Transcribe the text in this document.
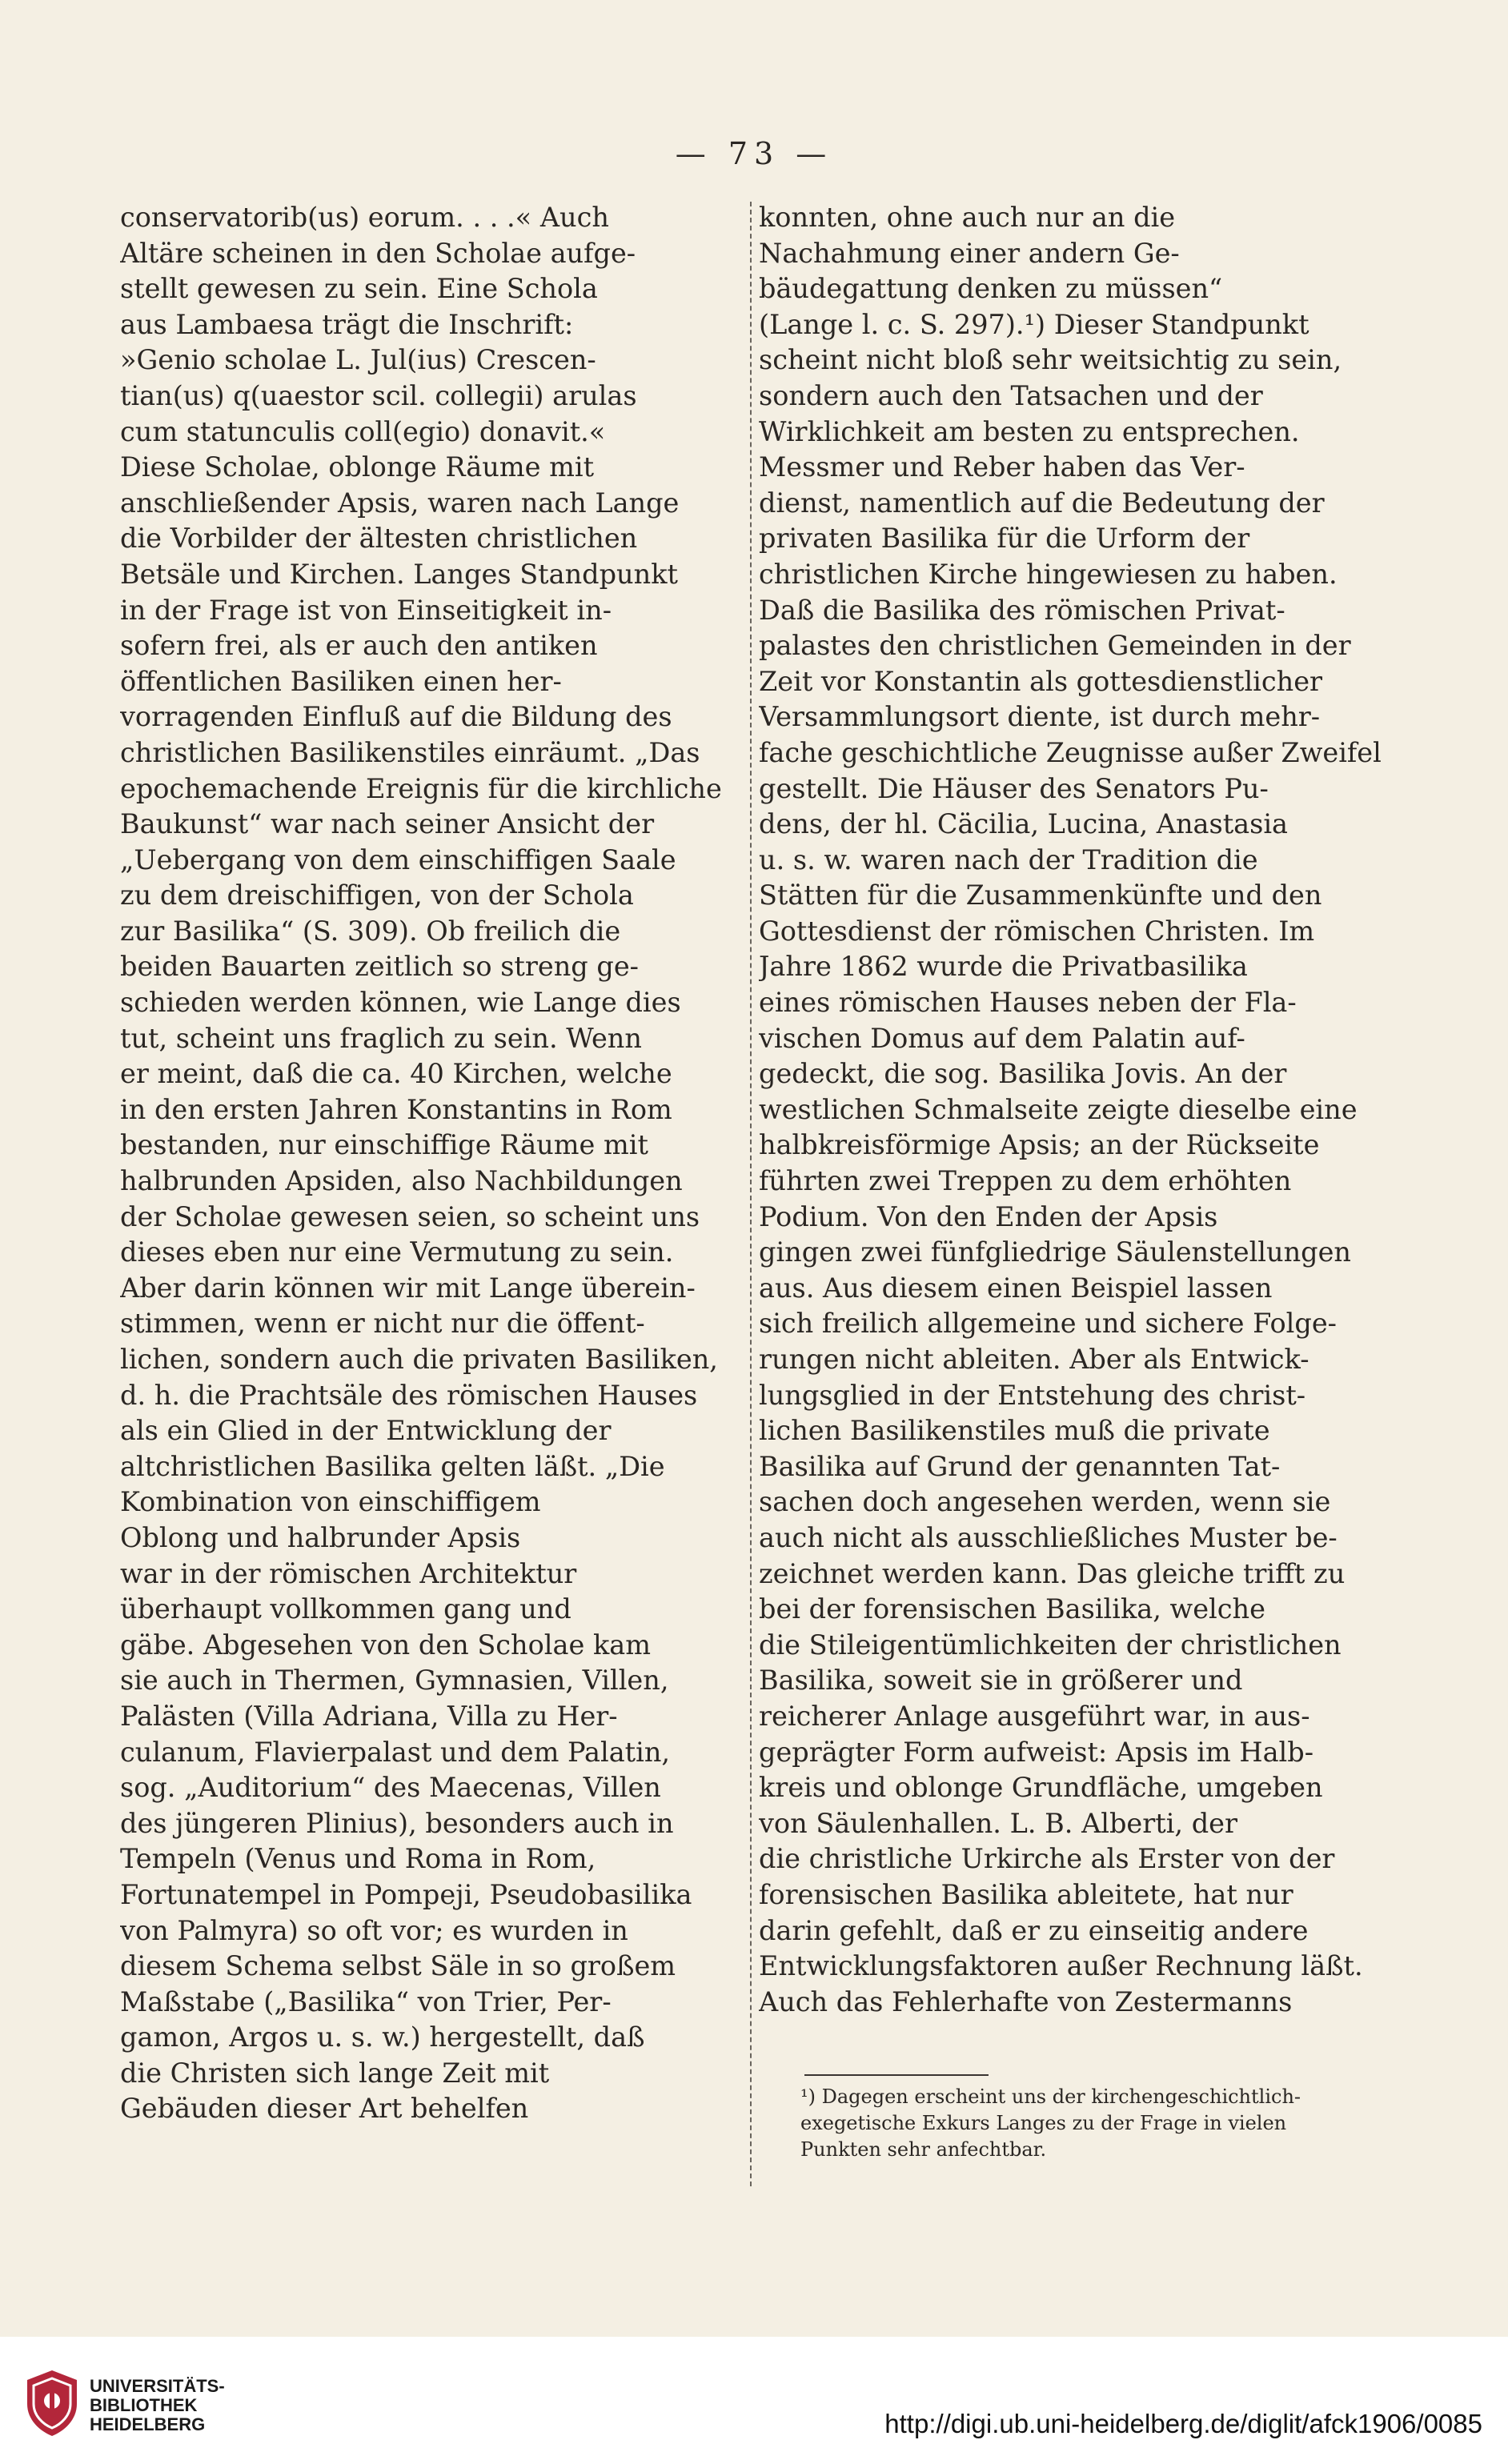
— 73 —
conservatorib(us) eorum. . . .« Auch
Altäre scheinen in den Scholae aufge-
stellt gewesen zu sein. Eine Schola
aus Lambaesa trägt die Inschrift:
»Genio scholae L. Jul(ius) Crescen-
tian(us) q(uaestor scil. collegii) arulas
cum statunculis coll(egio) donavit.«
Diese Scholae, oblonge Räume mit
anschließender Apsis, waren nach Lange
die Vorbilder der ältesten christlichen
Betsäle und Kirchen. Langes Standpunkt
in der Frage ist von Einseitigkeit in-
sofern frei, als er auch den antiken
öffentlichen Basiliken einen her-
vorragenden Einfluß auf die Bildung des
christlichen Basilikenstiles einräumt. „Das
epochemachende Ereignis für die kirchliche
Baukunst“ war nach seiner Ansicht der
„Uebergang von dem einschiffigen Saale
zu dem dreischiffigen, von der Schola
zur Basilika“ (S. 309). Ob freilich die
beiden Bauarten zeitlich so streng ge-
schieden werden können, wie Lange dies
tut, scheint uns fraglich zu sein. Wenn
er meint, daß die ca. 40 Kirchen, welche
in den ersten Jahren Konstantins in Rom
bestanden, nur einschiffige Räume mit
halbrunden Apsiden, also Nachbildungen
der Scholae gewesen seien, so scheint uns
dieses eben nur eine Vermutung zu sein.
Aber darin können wir mit Lange überein-
stimmen, wenn er nicht nur die öffent-
lichen, sondern auch die privaten Basiliken,
d. h. die Prachtsäle des römischen Hauses
als ein Glied in der Entwicklung der
altchristlichen Basilika gelten läßt. „Die
Kombination von einschiffigem
Oblong und halbrunder Apsis
war in der römischen Architektur
überhaupt vollkommen gang und
gäbe. Abgesehen von den Scholae kam
sie auch in Thermen, Gymnasien, Villen,
Palästen (Villa Adriana, Villa zu Her-
culanum, Flavierpalast und dem Palatin,
sog. „Auditorium“ des Maecenas, Villen
des jüngeren Plinius), besonders auch in
Tempeln (Venus und Roma in Rom,
Fortunatempel in Pompeji, Pseudobasilika
von Palmyra) so oft vor; es wurden in
diesem Schema selbst Säle in so großem
Maßstabe („Basilika“ von Trier, Per-
gamon, Argos u. s. w.) hergestellt, daß
die Christen sich lange Zeit mit
Gebäuden dieser Art behelfen
konnten, ohne auch nur an die
Nachahmung einer andern Ge-
bäudegattung denken zu müssen“
(Lange l. c. S. 297).¹) Dieser Standpunkt
scheint nicht bloß sehr weitsichtig zu sein,
sondern auch den Tatsachen und der
Wirklichkeit am besten zu entsprechen.
Messmer und Reber haben das Ver-
dienst, namentlich auf die Bedeutung der
privaten Basilika für die Urform der
christlichen Kirche hingewiesen zu haben.
Daß die Basilika des römischen Privat-
palastes den christlichen Gemeinden in der
Zeit vor Konstantin als gottesdienstlicher
Versammlungsort diente, ist durch mehr-
fache geschichtliche Zeugnisse außer Zweifel
gestellt. Die Häuser des Senators Pu-
dens, der hl. Cäcilia, Lucina, Anastasia
u. s. w. waren nach der Tradition die
Stätten für die Zusammenkünfte und den
Gottesdienst der römischen Christen. Im
Jahre 1862 wurde die Privatbasilika
eines römischen Hauses neben der Fla-
vischen Domus auf dem Palatin auf-
gedeckt, die sog. Basilika Jovis. An der
westlichen Schmalseite zeigte dieselbe eine
halbkreisförmige Apsis; an der Rückseite
führten zwei Treppen zu dem erhöhten
Podium. Von den Enden der Apsis
gingen zwei fünfgliedrige Säulenstellungen
aus. Aus diesem einen Beispiel lassen
sich freilich allgemeine und sichere Folge-
rungen nicht ableiten. Aber als Entwick-
lungsglied in der Entstehung des christ-
lichen Basilikenstiles muß die private
Basilika auf Grund der genannten Tat-
sachen doch angesehen werden, wenn sie
auch nicht als ausschließliches Muster be-
zeichnet werden kann. Das gleiche trifft zu
bei der forensischen Basilika, welche
die Stileigentümlichkeiten der christlichen
Basilika, soweit sie in größerer und
reicherer Anlage ausgeführt war, in aus-
geprägter Form aufweist: Apsis im Halb-
kreis und oblonge Grundfläche, umgeben
von Säulenhallen. L. B. Alberti, der
die christliche Urkirche als Erster von der
forensischen Basilika ableitete, hat nur
darin gefehlt, daß er zu einseitig andere
Entwicklungsfaktoren außer Rechnung läßt.
Auch das Fehlerhafte von Zestermanns
¹) Dagegen erscheint uns der kirchengeschichtlich-
exegetische Exkurs Langes zu der Frage in vielen
Punkten sehr anfechtbar.
UNIVERSITÄTS-
BIBLIOTHEK
HEIDELBERG	http://digi.ub.uni-heidelberg.de/diglit/afck1906/0085
